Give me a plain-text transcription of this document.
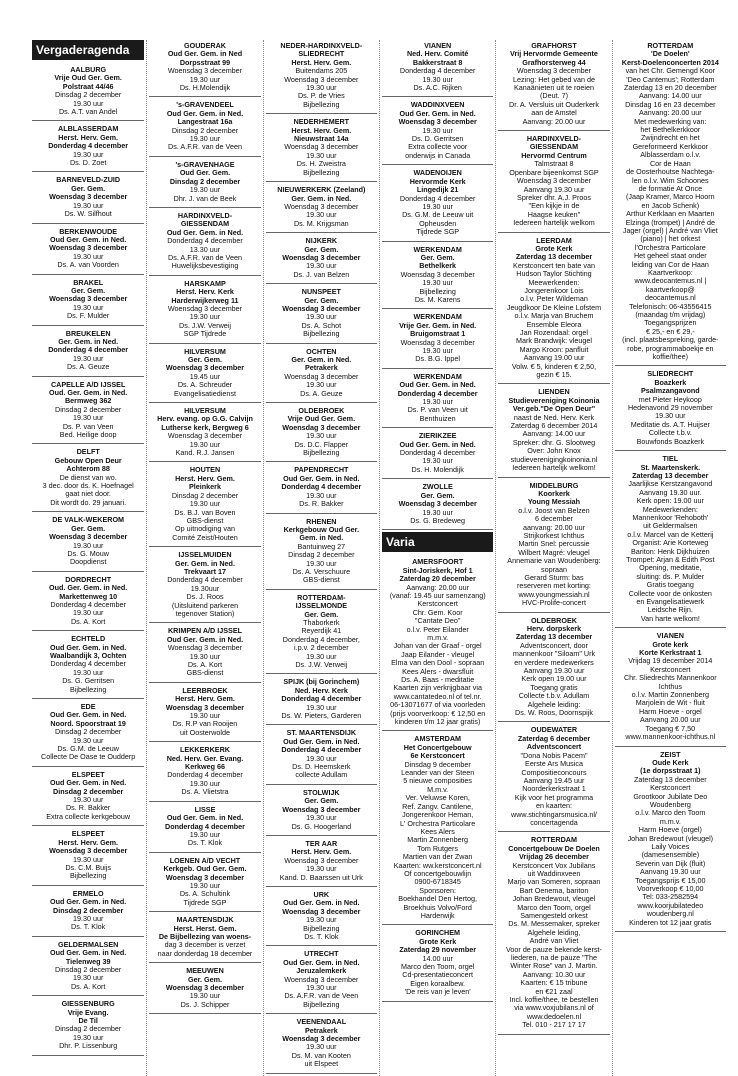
Vergaderagenda
AALBURG
Vrije Oud Ger. Gem.
Polstraat 44/46
Dinsdag 2 december
19.30 uur
Ds. A.T. van Andel
ALBLASSERDAM
Herst. Herv. Gem.
Donderdag 4 december
19.30 uur
Ds. D. Zoet
BARNEVELD-ZUID
Ger. Gem.
Woensdag 3 december
19.30 uur
Ds. W. Silfhout
BERKENWOUDE
Oud Ger. Gem. in Ned.
Woensdag 3 december
19.30 uur
Ds. A. van Voorden
BRAKEL
Ger. Gem.
Woensdag 3 december
19.30 uur
Ds. F. Mulder
BREUKELEN
Ger. Gem. in Ned.
Donderdag 4 december
19.30 uur
Ds. A. Geuze
CAPELLE A/D IJSSEL
Oud. Ger. Gem. in Ned.
Bermweg 362
Dinsdag 2 december
19.30 uur
Ds. P. van Veen
Bed. Heilige doop
DELFT
Gebouw Open Deur
Achterom 88
De dienst van wo.
3 dec. door ds. K. Hoefnagel
gaat niet door.
Dit wordt do. 29 januari.
DE VALK-WEKEROM
Ger. Gem.
Woensdag 3 december
19.30 uur
Ds. G. Mouw
Doopdienst
DORDRECHT
Oud. Ger. Gem. in Ned.
Markettenweg 10
Donderdag 4 december
19.30 uur
Ds. A. Kort
ECHTELD
Oud Ger. Gem. in Ned.
Waalbandijk 3, Ochten
Donderdag 4 december
19.30 uur
Ds. G. Gerritsen
Bijbellezing
EDE
Oud Ger. Gem. in Ned.
Noord. Spoorstraat 19
Dinsdag 2 december
19.30 uur
Ds. G.M. de Leeuw
Collecte De Oase te Oudderp
ELSPEET
Oud Ger. Gem. in Ned.
Dinsdag 2 december
19.30 uur
Ds. R. Bakker
Extra collecte kerkgebouw
ELSPEET
Herst. Herv. Gem.
Woensdag 3 december
19.30 uur
Ds. C.M. Buijs
Bijbellezing
ERMELO
Oud Ger. Gem. in Ned.
Dinsdag 2 december
19.30 uur
Ds. T. Klok
GELDERMALSEN
Oud Ger. Gem. in Ned.
Tielenweg 39
Dinsdag 2 december
19.30 uur
Ds. A. Kort
GIESSENBURG
Vrije Evang.
De Til
Dinsdag 2 december
19.30 uur
Dhr. P. Lissenburg
GOUDERAK
Oud Ger. Gem. in Ned
Dorpsstraat 99
Woensdag 3 december
19.30 uur
Ds. H.Molendijk
's-GRAVENDEEL
Oud Ger. Gem. in Ned.
Langestraat 16a
Dinsdag 2 december
19.30 uur
Ds. A.F.R. van de Veen
's-GRAVENHAGE
Oud Ger. Gem.
Dinsdag 2 december
19.30 uur
Dhr. J. van de Beek
HARDINXVELD-
GIESSENDAM
Oud Ger. Gem. in Ned.
Donderdag 4 december
13.30 uur
Ds. A.F.R. van de Veen
Huwelijksbevestiging
HARSKAMP
Herst. Herv. Kerk
Harderwijkerweg 11
Woensdag 3 december
19.30 uur
Ds. J.W. Verweij
SGP Tijdrede
HILVERSUM
Ger. Gem.
Woensdag 3 december
19.45 uur
Ds. A. Schreuder
Evangelisatiedienst
HILVERSUM
Herv. evang. op G.G. Calvijn
Lutherse kerk, Bergweg 6
Woensdag 3 december
19.30 uur
Kand. R.J. Jansen
HOUTEN
Herst. Herv. Gem.
Pleinkerk
Dinsdag 2 december
19.30 uur
Ds. B.J. van Boven
GBS-dienst
Op uitnodiging van
Comité Zeist/Houten
IJSSELMUIDEN
Ger. Gem. in Ned.
Trekvaart 17
Donderdag 4 december
19.30uur
Ds. J. Roos
(Uitsluitend parkeren
tegenover Station)
KRIMPEN A/D IJSSEL
Oud Ger. Gem. in Ned.
Woensdag 3 december
19.30 uur
Ds. A. Kort
GBS-dienst
LEERBROEK
Herst. Herv. Gem.
Woensdag 3 december
19.30 uur
Ds. R.P van Rooijen
uit Oosterwolde
LEKKERKERK
Ned. Herv. Ger. Evang.
Kerkweg 66
Donderdag 4 december
19.30 uur
Ds. A. Vlietstra
LISSE
Oud Ger. Gem. in Ned.
Donderdag 4 december
19.30 uur
Ds. T. Klok
LOENEN A/D VECHT
Kerkgeb. Oud Ger. Gem.
Woensdag 3 december
19.30 uur
Ds. A. Schultink
Tijdrede SGP
MAARTENSDIJK
Herst. Herst. Gem.
De Bijbellezing van woens-
dag 3 december is verzet
naar donderdag 18 december
MEEUWEN
Ger. Gem.
Woensdag 3 december
19.30 uur
Ds. J. Schipper
NEDER-HARDINXVELD-
SLIEDRECHT
Herst. Herv. Gem.
Buitendams 205
Woensdag 3 december
19.30 uur
Ds. P. de Vries
Bijbellezing
NEDERHEMERT
Herst. Herv. Gem.
Nieuwstraat 14a
Woensdag 3 december
19.30 uur
Ds. H. Zweistra
Bijbellezing
NIEUWERKERK (Zeeland)
Ger. Gem. in Ned.
Woensdag 3 december
19.30 uur
Ds. M. Krijgsman
NIJKERK
Ger. Gem.
Woensdag 3 december
19.30 uur
Ds. J. van Belzen
NUNSPEET
Ger. Gem.
Woensdag 3 december
19.30 uur
Ds. A. Schot
Bijbellezing
OCHTEN
Ger. Gem. in Ned.
Petrakerk
Woensdag 3 december
19.30 uur
Ds. A. Geuze
OLDEBROEK
Vrije Oud Ger. Gem.
Woensdag 3 december
19.30 uur
Ds. D.C. Flapper
Bijbellezing
PAPENDRECHT
Oud Ger. Gem. in Ned.
Donderdag 4 december
19.30 uur
Ds. R. Bakker
RHENEN
Kerkgebouw Oud Ger.
Gem. in Ned.
Bantuinweg 27
Dinsdag 2 december
19.30 uur
Ds. A. Verschuure
GBS-dienst
ROTTERDAM-
IJSSELMONDE
Ger. Gem.
Thaborkerk
Reyerdijk 41
Donderdag 4 december,
i.p.v. 2 december
19.30 uur
Ds. J.W. Verweij
SPIJK (bij Gorinchem)
Ned. Herv. Kerk
Donderdag 4 december
19.30 uur
Ds. W. Pieters, Garderen
ST. MAARTENSDIJK
Oud Ger. Gem. in Ned.
Donderdag 4 december
19.30 uur
Ds. D. Heemskerk
collecte Adullam
STOLWIJK
Ger. Gem.
Woensdag 3 december
19.30 uur
Ds. G. Hoogerland
TER AAR
Herst. Herv. Gem.
Woensdag 3 december
19.30 uur
Kand. D. Baarssen uit Urk
URK
Oud Ger. Gem. in Ned.
Woensdag 3 december
19.30 uur
Bijbellezing
Ds. T. Klok
UTRECHT
Oud Ger. Gem. in Ned.
Jeruzalemkerk
Woensdag 3 december
19.30 uur
Ds. A.F.R. van de Veen
Bijbellezing
VEENENDAAL
Petrakerk
Woensdag 3 december
19.30 uur
Ds. M. van Kooten
uit Elspeet
VIANEN
Ned. Herv. Comité
Bakkerstraat 8
Donderdag 4 december
19.30 uur
Ds. A.C. Rijken
WADDINXVEEN
Oud Ger. Gem. in Ned.
Woensdag 3 december
19.30 uur
Ds. D. Gerritsen
Extra collecte voor
onderwijs in Canada
WADENOIJEN
Hervormde Kerk
Lingedijk 21
Donderdag 4 december
19.30 uur
Ds. G.M. de Leeuw uit
Opheusden
Tijdrede SGP
WERKENDAM
Ger. Gem.
Bethelkerk
Woensdag 3 december
19.30 uur
Bijbellezing
Ds. M. Karens
WERKENDAM
Vrije Ger. Gem. in Ned.
Bruigomstraat 1
Woensdag 3 december
19.30 uur
Ds. B.G. Ippel
WERKENDAM
Oud Ger. Gem. in Ned.
Donderdag 4 december
19.30 uur
Ds. P. van Veen uit
Benthuizen
ZIERIKZEE
Oud Ger. Gem. in Ned.
Donderdag 4 december
19.30 uur
Ds. H. Molendijk
ZWOLLE
Ger. Gem.
Woensdag 3 december
19.30 uur
Ds. G. Bredeweg
Varia
AMERSFOORT
Sint-Joriskerk, Hof 1
Zaterdag 20 december
Aanvang: 20.00 uur
(vanaf: 19.45 uur samenzang)
Kerstconcert
Chr. Gem. Koor
"Cantate Deo"
o.l.v. Peter Eilander
m.m.v.
Johan van der Graaf - orgel
Jaap Eilander - vleugel
Elma van den Dool - sopraan
Kees Alers - dwarsfluit
Ds. A. Baas - meditatie
Kaarten zijn verkrijgbaar via
www.cantatedeo.nl of tel.nr.
06-13071677 of via voorleden
(prijs voorverkoop: € 12,50 en
kinderen t/m 12 jaar gratis)
AMSTERDAM
Het Concertgebouw
6e Kerstconcert
Dinsdag 9 december
Leander van der Steen
5 nieuwe composities
M.m.v.
Ver. Veluwse Koren,
Ref. Zangv. Cantilene,
Jongerenkoor Heman,
L' Orchestra Particolare
Kees Alers
Martin Zonnenberg
Tom Rutgers
Martien van der Zwan
Kaarten: ww.kerstconcert.nl
Of concertgebouwlijn
0900-6718345
Sponsoren:
Boekhandel Den Hertog,
Broekhuis Volvo/Ford
Harderwijk
GORINCHEM
Grote Kerk
Zaterdag 29 november
14.00 uur
Marco den Toom, orgel
Cd-presentatieconcert
Eigen koraalbew.
'De reis van je leven'
GRAFHORST
Vrij Hervormde Gemeente
Grafhorsterweg 44
Woensdag 3 december
Lezing: Het gebed van de
Kanaänieten uit te roeien
(Deut. 7)
Dr. A. Versluis uit Ouderkerk
aan de Amstel
Aanvang: 20.00 uur
HARDINXVELD-
GIESSENDAM
Hervormd Centrum
Talmstraat 8
Openbare bijeenkomst SGP
Woensdag 3 december
Aanvang 19.30 uur
Spreker dhr. A.J. Proos
"Een kijkje in de
Haagse keuken"
Iedereen hartelijk welkom
LEERDAM
Grote Kerk
Zaterdag 13 december
Kerstconcert ten bate van
Hudson Taylor Stichting
Meewerkenden:
Jongerenkoor Lois
o.l.v. Peter Wildeman
Jeugdkoor De Kleine Lofstem
o.l.v. Marja van Bruchem
Ensemble Eleora
Jan Rozendaal: orgel
Mark Brandwijk: vleugel
Margo Kroon: panfluit
Aanvang 19.00 uur
Volw. € 5, kinderen € 2,50,
gezin € 15.
LIENDEN
Studievereniging Koinonia
Ver.geb."De Open Deur"
naast de Ned. Herv. Kerk
Zaterdag 6 december 2014
Aanvang: 14.00 uur
Spreker: dhr. G. Slootweg
Over: John Knox
studieverenigingkoinonia.nl
Iedereen hartelijk welkom!
MIDDELBURG
Koorkerk
Young Messiah
o.l.v. Joost van Belzen
6 december
aanvang: 20.00 uur
Strijkorkest Ichthus
Martin Snel: percussie
Wilbert Magré: vleugel
Annemarie van Woudenberg:
sopraan
Gerard Sturm: bas
reserveren met korting:
www.youngmessiah.nl
HVC-Prolife-concert
OLDEBROEK
Herv. dorpskerk
Zaterdag 13 december
Adventsconcert, door
mannenkoor "Siloam" Urk
en verdere medewerkers
Aanvang 19.30 uur
Kerk open 19.00 uur
Toegang gratis
Collecte t.b.v. Adullam
Algehele leiding:
Ds. W. Roos, Doornspijk
OUDEWATER
Zaterdag 6 december
Adventsconcert
"Dona Nobis Pacem"
Eerste Ars Musica
Compositieconcours
Aanvang 19.45 uur
Noorderkerkstraat 1
Kijk voor het programma
en kaarten:
www.stichtingarsmusica.nl/
concertagenda
ROTTERDAM
Concertgebouw De Doelen
Vrijdag 26 december
Kerstconcert Vox Jubilans
uit Waddinxveen
Marjo van Someren, sopraan
Bart Oenema, bariton
Johan Bredewout, vleugel
Marco den Toom, orgel
Samengesteld orkest
Ds. M. Messemaker, spreker
Algehele leiding,
André van Vliet
Voor de pauze bekende kerst-
liederen, na de pauze "The
Winter Rose" van J. Martin.
Aanvang: 10.30 uur
Kaarten: € 15 tribune
en €21 zaal
Incl. koffie/thee, te bestellen
via www.voxjubilans.nl of
www.dedoelen.nl
Tel. 010 - 217 17 17
ROTTERDAM
'De Doelen'
Kerst-Doelenconcerten 2014
van het Chr. Gemengd Koor
'Deo Cantemus'; Rotterdam
Zaterdag 13 en 20 december
Aanvang: 14.00 uur
Dinsdag 16 en 23 december
Aanvang: 20.00 uur
Met medewerking van:
het Bethelkerkkoor
Zwijndrecht en het
Gereformeerd Kerkkoor
Alblasserdam o.l.v.
Cor de Haan
de Oosterhoutse Nachtega-
len o.l.v. Wim Schoones
de formatie At Once
(Jaap Kramer, Marco Hoorn
en Jacob Schenk)
Arthur Kerklaan en Maarten
Elzinga (trompet) | André de
Jager (orgel) | André van Vliet
(piano) | het orkest
l'Orchestra Particolare
Het geheel staat onder
leiding van Cor de Haan
Kaartverkoop:
www.deocantemus.nl |
kaartverkoop@
deocantemus.nl
Telefonisch: 06-43556415
(maandag t/m vrijdag)
Toegangsprijzen
€ 25,- en € 29,-
(incl. plaatsbespreking, garde-
robe, programmaboekje en
koffie/thee)
SLIEDRECHT
Boazkerk
Psalmzangavond
met Pieter Heykoop
Hedenavond 29 november
19.30 uur
Meditatie ds. A.T. Huijser
Collecte t.b.v.
Bouwfonds Boazkerk
TIEL
St. Maartenskerk.
Zaterdag 13 december
Jaarlijkse Kerstzangavond
Aanvang 19.30 uur.
Kerk open: 19.00 uur
Medewerkenden:
Mannenkoor 'Rehoboth'
uit Geldermalsen
o.l.v. Marcel van de Ketterij
Organist: Arie Korteweg
Bariton: Henk Dijkhuizen
Trompet: Arjan & Edith Post
Opening, meditatie,
sluiting: ds. P. Mulder
Gratis toegang
Collecte voor de onkosten
en Evangelisatiewerk
Leidsche Rijn.
Van harte welkom!
VIANEN
Grote kerk
Korte Kerkstraat 1
Vrijdag 19 december 2014
Kerstconcert
Chr. Sliedrechts Mannenkoor
Ichthus
o.l.v. Martin Zonnenberg
Marjolein de Wit - fluit
Harm Hoeve - orgel
Aanvang 20.00 uur
Toegang € 7,50
www.mannenkoor-ichthus.nl
ZEIST
Oude Kerk
(1e dorpsstraat 1)
Zaterdag 13 december
Kerstconcert
Grootkoor Jubilate Deo
Woudenberg
o.l.v. Marco den Toom
m.m.v.
Harm Hoeve (orgel)
Johan Bredewout (vleugel)
Laily Voices
(damesensemble)
Severin van Dijk (fluit)
Aanvang 19.30 uur
Toegangsprijs € 15,00
Voorverkoop € 10,00
Tel: 033-2582594
www.koorjubilatedeo
woudenberg.nl
Kinderen tot 12 jaar gratis
